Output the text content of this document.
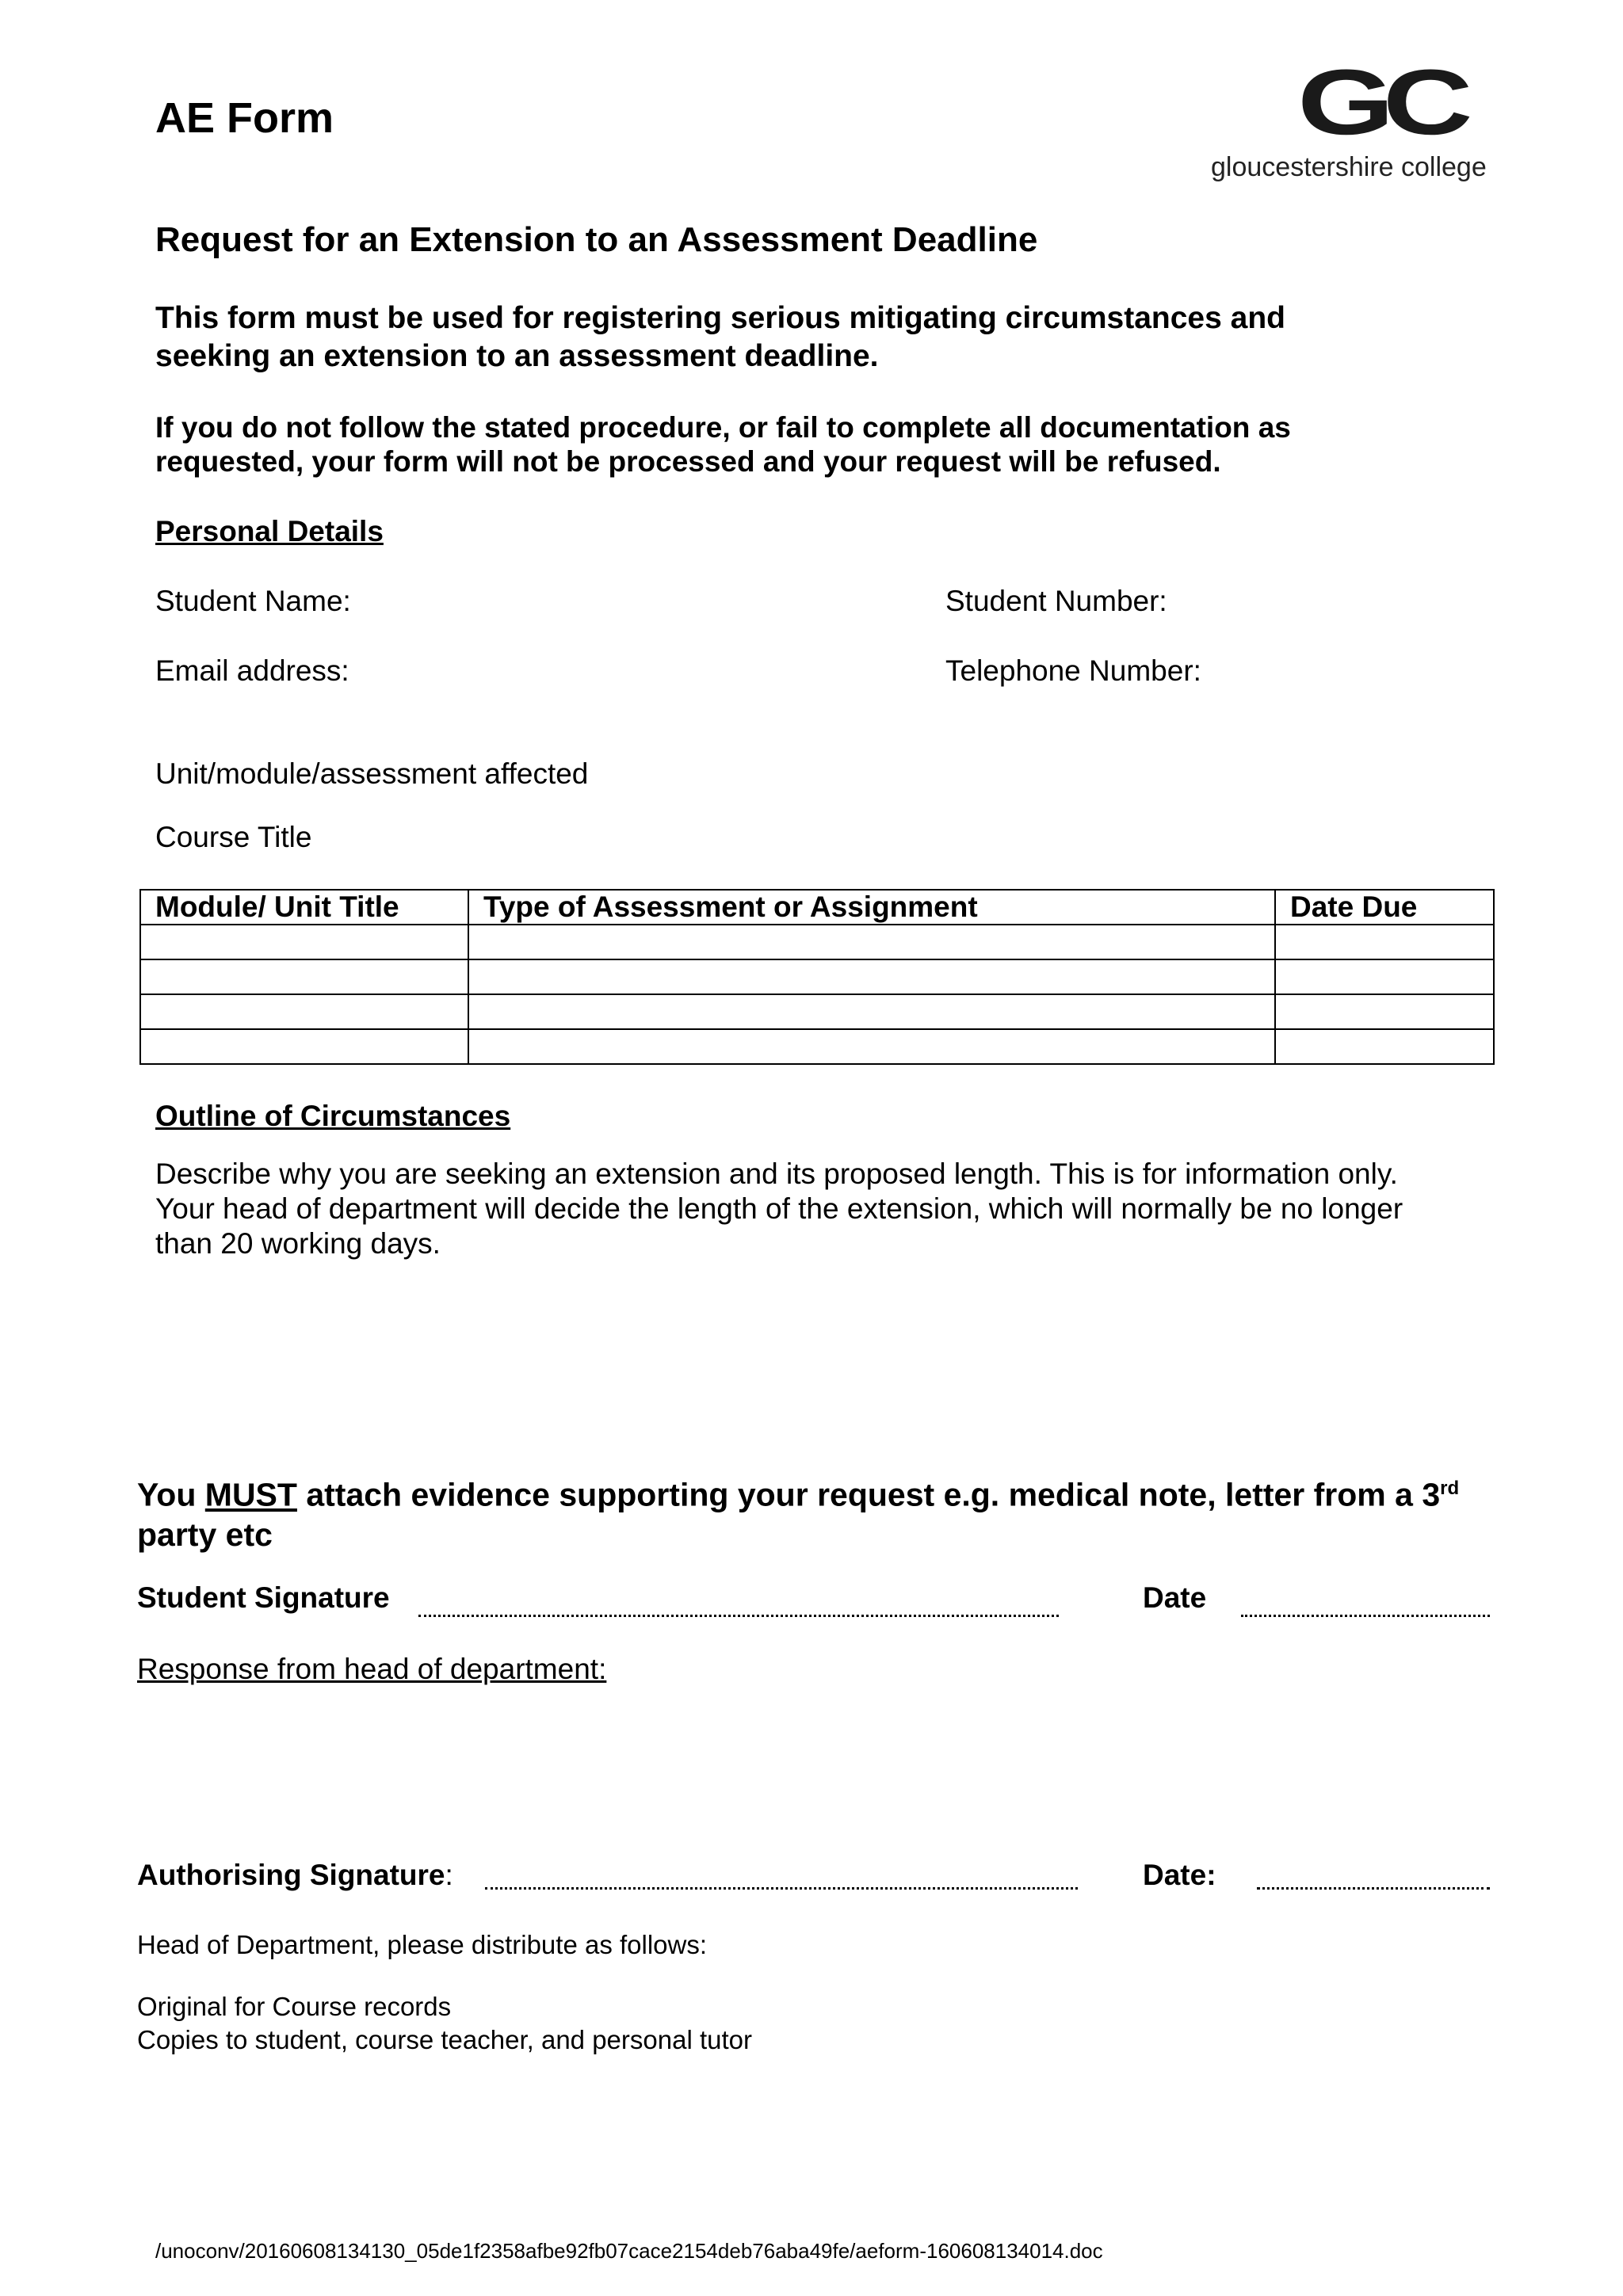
AE Form	GC
gloucestershire college
Request for an Extension to an Assessment Deadline
This form must be used for registering serious mitigating circumstances and
seeking an extension to an assessment deadline.
If you do not follow the stated procedure, or fail to complete all documentation as
requested, your form will not be processed and your request will be refused.
Personal Details
Student Name:	Student Number:
Email address:	Telephone Number:
Unit/module/assessment affected
Course Title
Module/ Unit Title	Type of Assessment or Assignment	Date Due

Outline of Circumstances
Describe why you are seeking an extension and its proposed length. This is for information only.
Your head of department will decide the length of the extension, which will normally be no longer
than 20 working days.
You MUST attach evidence supporting your request e.g. medical note, letter from a 3rd
party etc
Student Signature	Date
Response from head of department:
Authorising Signature:	Date:
Head of Department, please distribute as follows:
Original for Course records
Copies to student, course teacher, and personal tutor
/unoconv/20160608134130_05de1f2358afbe92fb07cace2154deb76aba49fe/aeform-160608134014.doc
